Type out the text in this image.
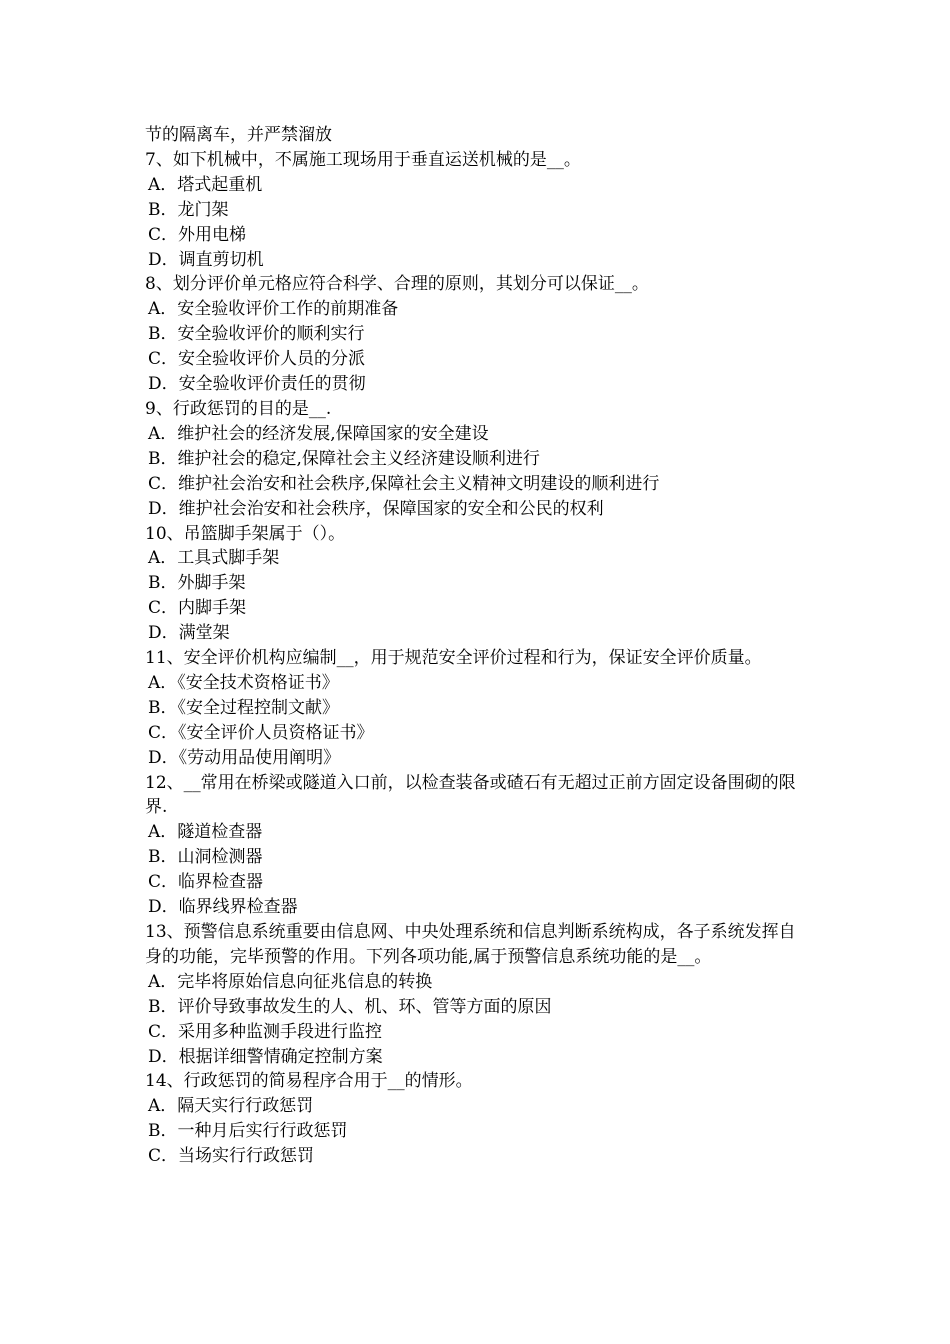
节的隔离车，并严禁溜放

7、如下机械中，不属施工现场用于垂直运送机械的是__。

A．塔式起重机

B．龙门架

C．外用电梯

D．调直剪切机

8、划分评价单元格应符合科学、合理的原则，其划分可以保证__。

A．安全验收评价工作的前期准备

B．安全验收评价的顺利实行

C．安全验收评价人员的分派

D．安全验收评价责任的贯彻

9、行政惩罚的目的是__.

A．维护社会的经济发展,保障国家的安全建设

B．维护社会的稳定,保障社会主义经济建设顺利进行

C．维护社会治安和社会秩序,保障社会主义精神文明建设的顺利进行

D．维护社会治安和社会秩序，保障国家的安全和公民的权利

10、吊篮脚手架属于（）。

A．工具式脚手架

B．外脚手架

C．内脚手架

D．满堂架

11、安全评价机构应编制__，用于规范安全评价过程和行为，保证安全评价质量。

A．《安全技术资格证书》

B．《安全过程控制文献》

C．《安全评价人员资格证书》

D．《劳动用品使用阐明》

12、__常用在桥梁或隧道入口前，以检查装备或碴石有无超过正前方固定设备围砌的限界.

A．隧道检查器

B．山洞检测器

C．临界检查器

D．临界线界检查器

13、预警信息系统重要由信息网、中央处理系统和信息判断系统构成，各子系统发挥自身的功能，完毕预警的作用。下列各项功能,属于预警信息系统功能的是__。

A．完毕将原始信息向征兆信息的转换

B．评价导致事故发生的人、机、环、管等方面的原因

C．采用多种监测手段进行监控

D．根据详细警情确定控制方案

14、行政惩罚的简易程序合用于__的情形。

A．隔天实行行政惩罚

B．一种月后实行行政惩罚

C．当场实行行政惩罚
